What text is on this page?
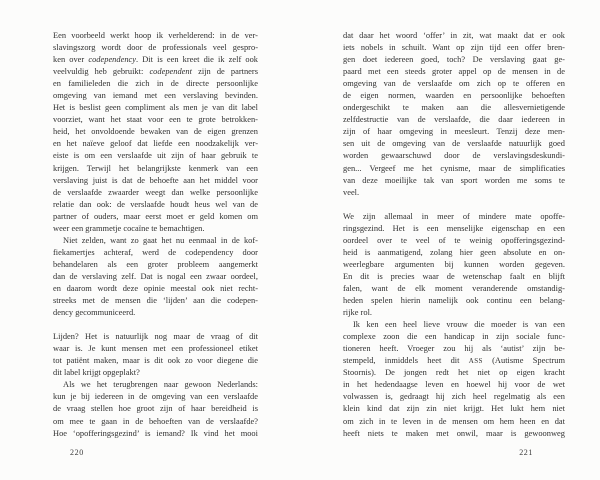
Een voorbeeld werkt hoop ik verhelderend: in de ver-
slavingszorg wordt door de professionals veel gespro-
ken over codependency. Dit is een kreet die ik zelf ook
veelvuldig heb gebruikt: codependent zijn de partners
en familieleden die zich in de directe persoonlijke
omgeving van iemand met een verslaving bevinden.
Het is beslist geen compliment als men je van dit label
voorziet, want het staat voor een te grote betrokken-
heid, het onvoldoende bewaken van de eigen grenzen
en het naïeve geloof dat liefde een noodzakelijk ver-
eiste is om een verslaafde uit zijn of haar gebruik te
krijgen. Terwijl het belangrijkste kenmerk van een
verslaving juist is dat de behoefte aan het middel voor
de verslaafde zwaarder weegt dan welke persoonlijke
relatie dan ook: de verslaafde houdt heus wel van de
partner of ouders, maar eerst moet er geld komen om
weer een grammetje cocaïne te bemachtigen.
Niet zelden, want zo gaat het nu eenmaal in de kof-
fiekamertjes achteraf, werd de codependency door
behandelaren als een groter probleem aangemerkt
dan de verslaving zelf. Dat is nogal een zwaar oordeel,
en daarom wordt deze opinie meestal ook niet recht-
streeks met de mensen die ‘lijden’ aan die codepen-
dency gecommuniceerd.
Lijden? Het is natuurlijk nog maar de vraag of dit
waar is. Je kunt mensen met een professioneel etiket
tot patiënt maken, maar is dit ook zo voor diegene die
dit label krijgt opgeplakt?
Als we het terugbrengen naar gewoon Nederlands:
kun je bij iedereen in de omgeving van een verslaafde
de vraag stellen hoe groot zijn of haar bereidheid is
om mee te gaan in de behoeften van de verslaafde?
Hoe ‘opofferingsgezind’ is iemand? Ik vind het mooi
dat daar het woord ‘offer’ in zit, wat maakt dat er ook
iets nobels in schuilt. Want op zijn tijd een offer bren-
gen doet iedereen goed, toch? De verslaving gaat ge-
paard met een steeds groter appel op de mensen in de
omgeving van de verslaafde om zich op te offeren en
de eigen normen, waarden en persoonlijke behoeften
ondergeschikt te maken aan die allesvernietigende
zelfdestructie van de verslaafde, die daar iedereen in
zijn of haar omgeving in meesleurt. Tenzij deze men-
sen uit de omgeving van de verslaafde natuurlijk goed
worden gewaarschuwd door de verslavingsdeskundi-
gen... Vergeef me het cynisme, maar de simplificaties
van deze moeilijke tak van sport worden me soms te
veel.
We zijn allemaal in meer of mindere mate opoffe-
ringsgezind. Het is een menselijke eigenschap en een
oordeel over te veel of te weinig opofferingsgezind-
heid is aanmatigend, zolang hier geen absolute en on-
weerlegbare argumenten bij kunnen worden gegeven.
En dit is precies waar de wetenschap faalt en blijft
falen, want de elk moment veranderende omstandig-
heden spelen hierin namelijk ook continu een belang-
rijke rol.
Ik ken een heel lieve vrouw die moeder is van een
complexe zoon die een handicap in zijn sociale func-
tioneren heeft. Vroeger zou hij als ‘autist’ zijn be-
stempeld, inmiddels heet dit ASS (Autisme Spectrum
Stoornis). De jongen redt het niet op eigen kracht
in het hedendaagse leven en hoewel hij voor de wet
volwassen is, gedraagt hij zich heel regelmatig als een
klein kind dat zijn zin niet krijgt. Het lukt hem niet
om zich in te leven in de mensen om hem heen en dat
heeft niets te maken met onwil, maar is gewoonweg
220	221
